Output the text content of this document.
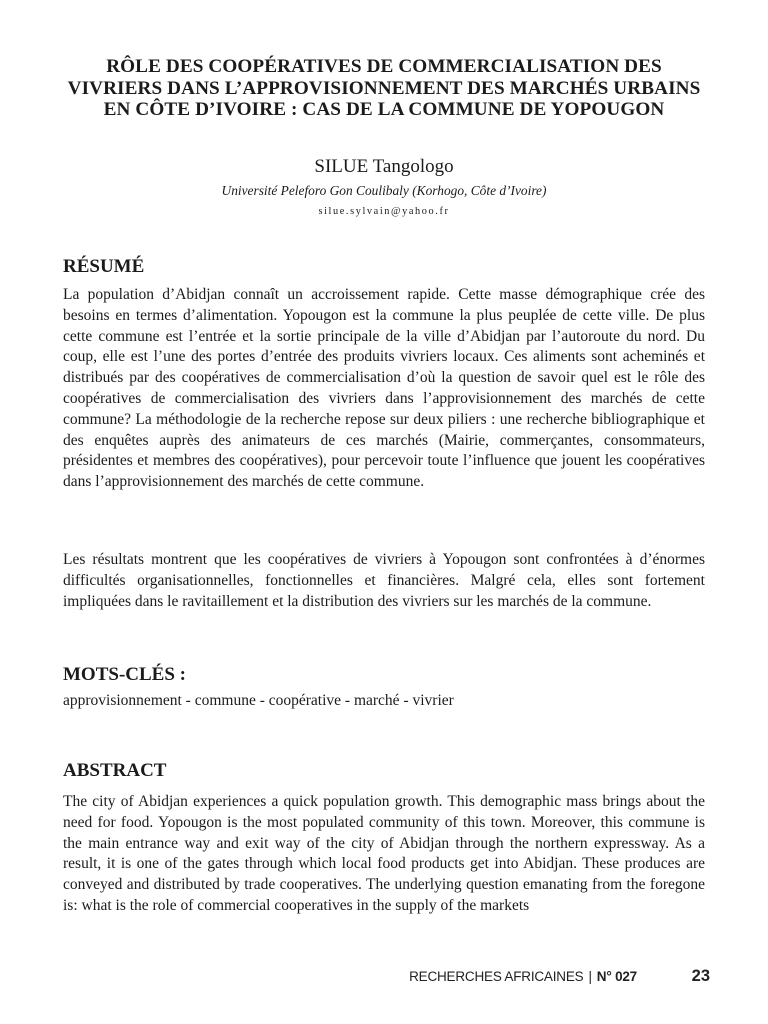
RÔLE DES COOPÉRATIVES DE COMMERCIALISATION DES VIVRIERS DANS L’APPROVISIONNEMENT DES MARCHÉS URBAINS EN CÔTE D’IVOIRE : CAS DE LA COMMUNE DE YOPOUGON
SILUE Tangologo
Université Peleforo Gon Coulibaly (Korhogo, Côte d’Ivoire)
silue.sylvain@yahoo.fr
RÉSUMÉ

La population d’Abidjan connaît un accroissement rapide. Cette masse démographique crée des besoins en termes d’alimentation. Yopougon est la commune la plus peuplée de cette ville. De plus cette commune est l’entrée et la sortie principale de la ville d’Abidjan par l’autoroute du nord. Du coup, elle est l’une des portes d’entrée des produits vivriers locaux. Ces aliments sont acheminés et distribués par des coopératives de commercialisation d’où la question de savoir quel est le rôle des coopératives de commercialisation des vivriers dans l’approvisionnement des marchés de cette commune? La méthodologie de la recherche repose sur deux piliers : une recherche bibliographique et des enquêtes auprès des animateurs de ces marchés (Mairie, commerçantes, consommateurs, présidentes et membres des coopératives), pour percevoir toute l’influence que jouent les coopératives dans l’approvisionnement des marchés de cette commune.

Les résultats montrent que les coopératives de vivriers à Yopougon sont confrontées à d’énormes difficultés organisationnelles, fonctionnelles et financières. Malgré cela, elles sont fortement impliquées dans le ravitaillement et la distribution des vivriers sur les marchés de la commune.

MOTS-CLÉS :

approvisionnement - commune - coopérative - marché - vivrier

ABSTRACT

The city of Abidjan experiences a quick population growth. This demographic mass brings about the need for food. Yopougon is the most populated community of this town. Moreover, this commune is the main entrance way and exit way of the city of Abidjan through the northern expressway. As a result, it is one of the gates through which local food products get into Abidjan. These produces are conveyed and distributed by trade cooperatives. The underlying question emanating from the foregone is: what is the role of commercial cooperatives in the supply of the markets

RECHERCHES AFRICAINES | N° 027	23
